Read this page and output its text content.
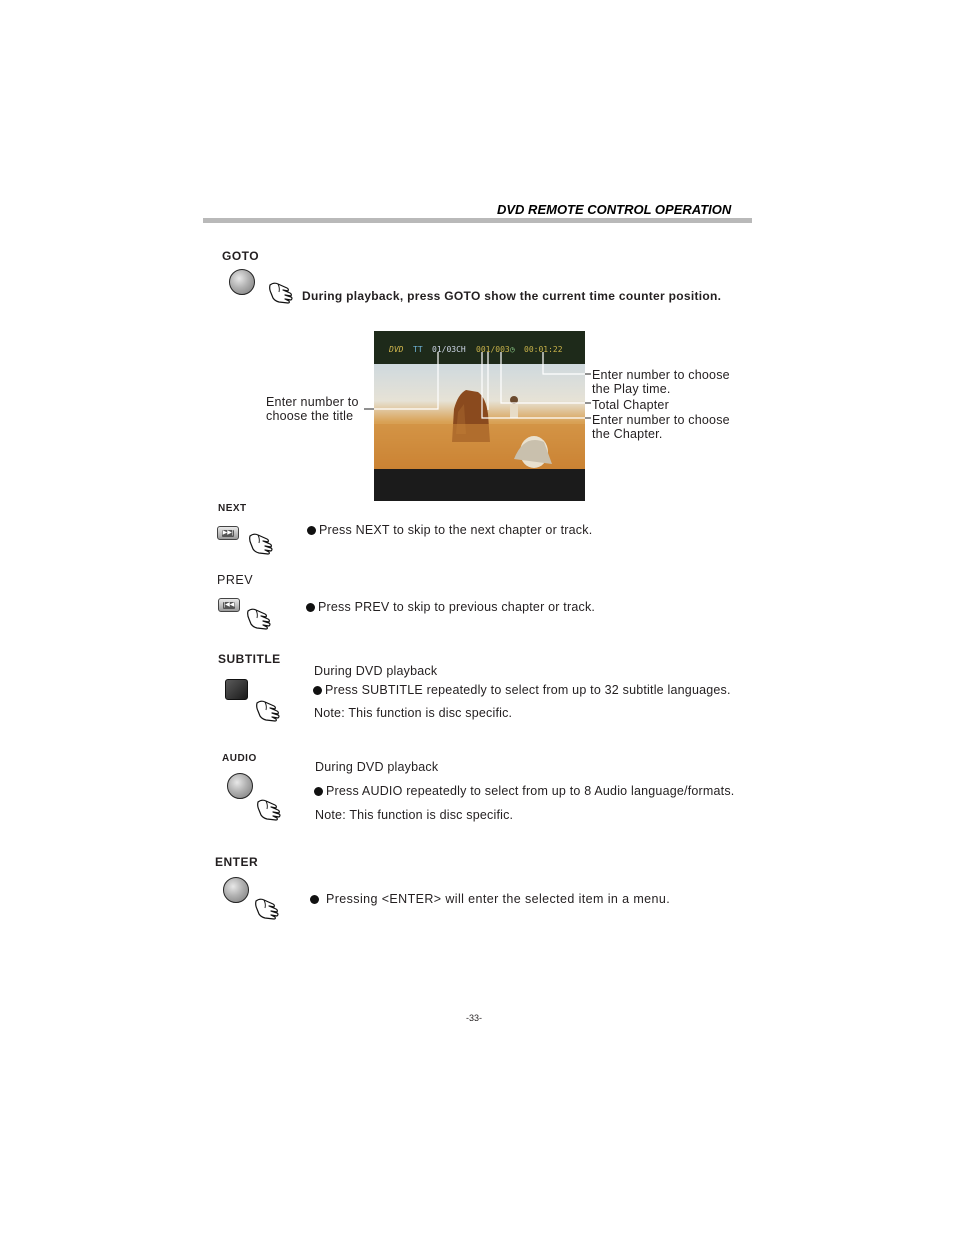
DVD REMOTE CONTROL OPERATION
GOTO
During playback, press GOTO show the current time counter position.
DVD TT 01/03CH 001/003 ◷ 00:01:22
Enter number to
choose the title
Enter number to choose
the Play time.
Total Chapter
Enter number to choose
the Chapter.
NEXT
▶▶|	Press NEXT to skip to the next chapter or track.
PREV
|◀◀	Press PREV to skip to previous chapter or track.
SUBTITLE
During DVD playback
Press SUBTITLE repeatedly to select from up to 32 subtitle languages.
Note: This function is disc specific.
AUDIO
During DVD playback
Press AUDIO repeatedly to select from up to 8 Audio language/formats.
Note: This function is disc specific.
ENTER
Pressing <ENTER> will enter the selected item in a menu.
-33-
